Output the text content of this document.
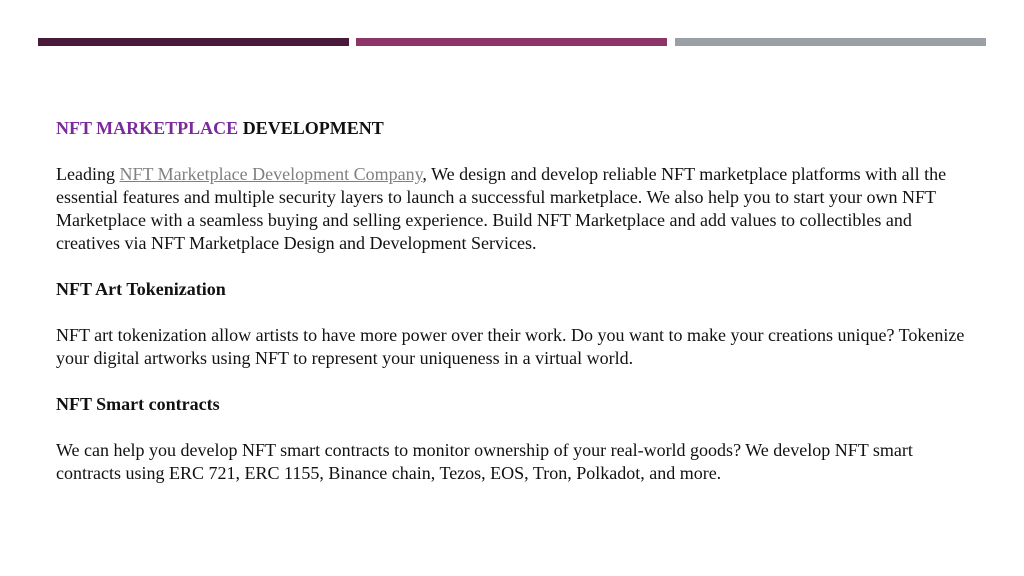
NFT MARKETPLACE DEVELOPMENT

Leading NFT Marketplace Development Company, We design and develop reliable NFT marketplace platforms with all the essential features and multiple security layers to launch a successful marketplace. We also help you to start your own NFT Marketplace with a seamless buying and selling experience. Build NFT Marketplace and add values to collectibles and creatives via NFT Marketplace Design and Development Services.

NFT Art Tokenization

NFT art tokenization allow artists to have more power over their work. Do you want to make your creations unique? Tokenize your digital artworks using NFT to represent your uniqueness in a virtual world.

NFT Smart contracts

We can help you develop NFT smart contracts to monitor ownership of your real-world goods? We develop NFT smart contracts using ERC 721, ERC 1155, Binance chain, Tezos, EOS, Tron, Polkadot, and more.
